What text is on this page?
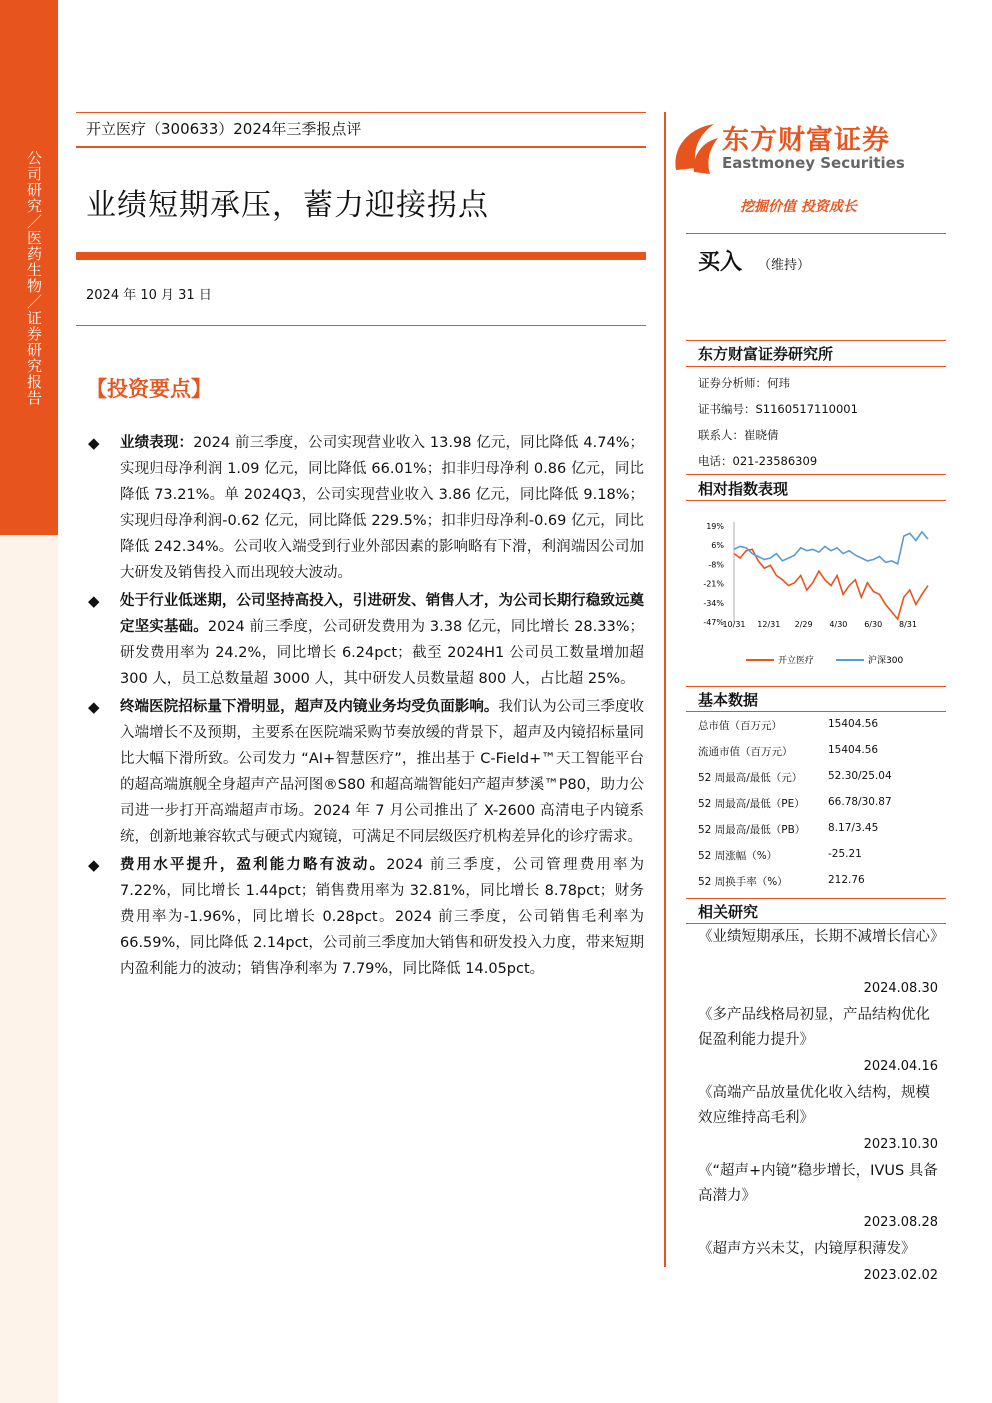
公司研究／医药生物／证券研究报告
开立医疗（300633）2024年三季报点评
业绩短期承压，蓄力迎接拐点
2024 年 10 月 31 日
【投资要点】
◆ 业绩表现：2024 前三季度，公司实现营业收入 13.98 亿元，同比降低 4.74%；实现归母净利润 1.09 亿元，同比降低 66.01%；扣非归母净利 0.86 亿元，同比降低 73.21%。单 2024Q3，公司实现营业收入 3.86 亿元，同比降低 9.18%；实现归母净利润-0.62 亿元，同比降低 229.5%；扣非归母净利-0.69 亿元，同比降低 242.34%。公司收入端受到行业外部因素的影响略有下滑，利润端因公司加大研发及销售投入而出现较大波动。
◆ 处于行业低迷期，公司坚持高投入，引进研发、销售人才，为公司长期行稳致远奠定坚实基础。2024 前三季度，公司研发费用为 3.38 亿元，同比增长 28.33%；研发费用率为 24.2%，同比增长 6.24pct；截至 2024H1 公司员工数量增加超 300 人，员工总数量超 3000 人，其中研发人员数量超 800 人，占比超 25%。
◆ 终端医院招标量下滑明显，超声及内镜业务均受负面影响。我们认为公司三季度收入端增长不及预期，主要系在医院端采购节奏放缓的背景下，超声及内镜招标量同比大幅下滑所致。公司发力 “AI+智慧医疗”，推出基于 C-Field+™天工智能平台的超高端旗舰全身超声产品河图®S80 和超高端智能妇产超声梦溪™P80，助力公司进一步打开高端超声市场。2024 年 7 月公司推出了 X-2600 高清电子内镜系统，创新地兼容软式与硬式内窥镜，可满足不同层级医疗机构差异化的诊疗需求。
◆ 费用水平提升，盈利能力略有波动。2024 前三季度，公司管理费用率为 7.22%，同比增长 1.44pct；销售费用率为 32.81%，同比增长 8.78pct；财务费用率为-1.96%，同比增长 0.28pct。2024 前三季度，公司销售毛利率为 66.59%，同比降低 2.14pct，公司前三季度加大销售和研发投入力度，带来短期内盈利能力的波动；销售净利率为 7.79%，同比降低 14.05pct。
东方财富证券
Eastmoney Securities
挖掘价值 投资成长
买入 （维持）
东方财富证券研究所
证券分析师：何玮
证书编号：S1160517110001
联系人：崔晓倩
电话：021-23586309
相对指数表现
19%
6%
-8%
-21%
-34%
-47%
10/31 12/31 2/29 4/30 6/30 8/31
开立医疗	沪深300
基本数据
总市值（百万元）	15404.56
流通市值（百万元）	15404.56
52 周最高/最低（元） 52.30/25.04
52 周最高/最低（PE） 66.78/30.87
52 周最高/最低（PB） 8.17/3.45
52 周涨幅（%）	-25.21
52 周换手率（%）	212.76
相关研究
《业绩短期承压，长期不减增长信心》
2024.08.30
《多产品线格局初显，产品结构优化促盈利能力提升》
2024.04.16
《高端产品放量优化收入结构，规模效应维持高毛利》
2023.10.30
《“超声+内镜”稳步增长，IVUS 具备高潜力》
2023.08.28
《超声方兴未艾，内镜厚积薄发》
2023.02.02
